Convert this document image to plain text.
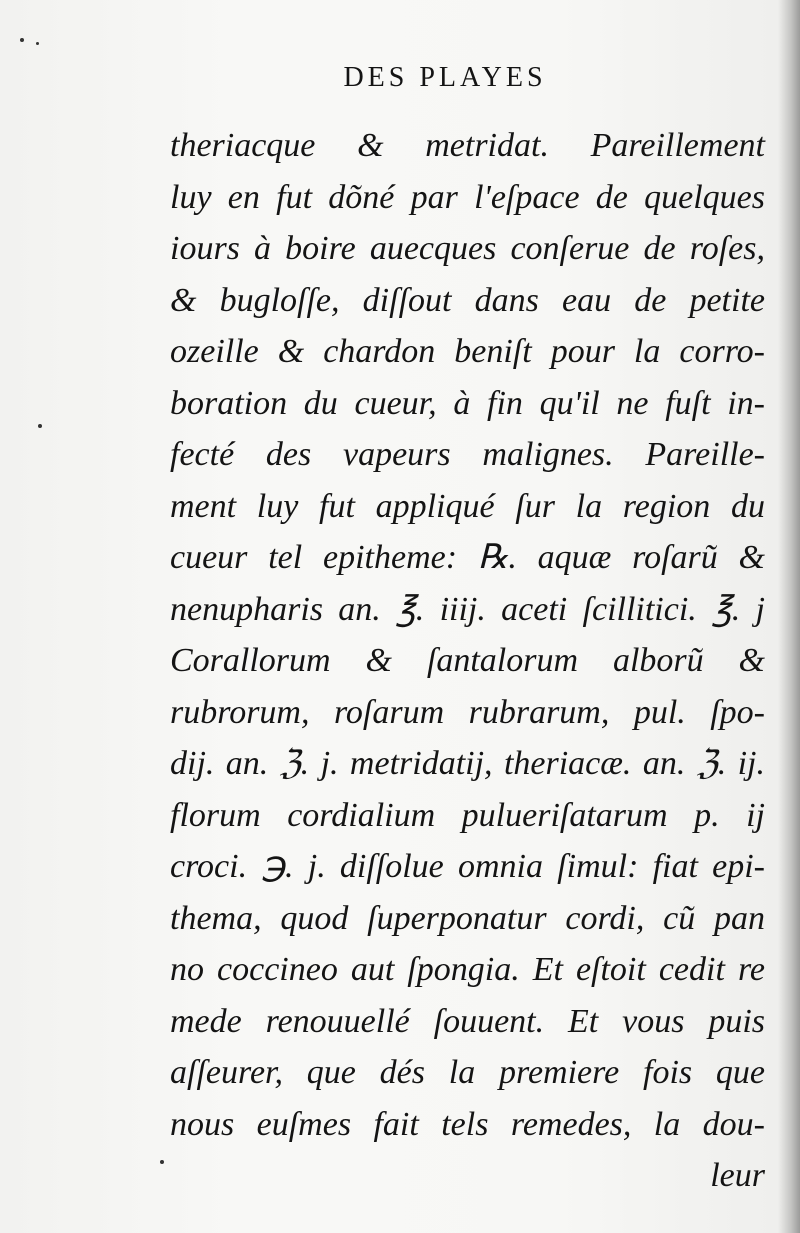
DES PLAYES
theriacque & metridat. Pareillement
luy en fut dõné par l'eſpace de quelques
iours à boire auecques conſerue de roſes,
& bugloſſe, diſſout dans eau de petite
ozeille & chardon beniſt pour la corro-
boration du cueur, à fin qu'il ne fuſt in-
fecté des vapeurs malignes. Pareille-
ment luy fut appliqué ſur la region du
cueur tel epitheme: ℞. aquæ roſarũ &
nenupharis an. ℥. iiij. aceti ſcillitici. ℥. j
Corallorum & ſantalorum alborũ &
rubrorum, roſarum rubrarum, pul. ſpo-
dij. an. ℨ. j. metridatij, theriacæ. an. ℨ. ij.
florum cordialium pulueriſatarum p. ij
croci. ℈. j. diſſolue omnia ſimul: fiat epi-
thema, quod ſuperponatur cordi, cũ pan
no coccineo aut ſpongia. Et eſtoit cedit re
mede renouuellé ſouuent. Et vous puis
aſſeurer, que dés la premiere fois que
nous euſmes fait tels remedes, la dou-
leur
